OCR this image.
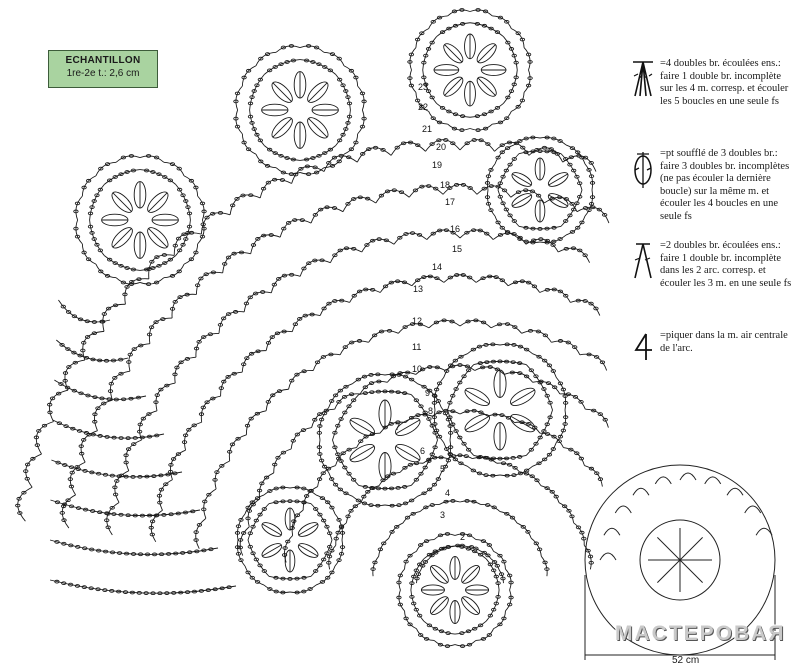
23
22
21
20
19
18
17
16
15
14
13
12
11
10
9
8
7
6
5
4
3
2
ECHANTILLON
1re-2e t.: 2,6 cm
=4 doubles br. écoulées ens.: faire 1 double br. incomplète sur les 4 m. corresp. et écouler les 5 boucles en une seule fs
=pt soufflé de 3 doubles br.: faire 3 doubles br. incomplètes (ne pas écouler la dernière boucle) sur la même m. et écouler les 4 boucles en une seule fs
=2 doubles br. écoulées ens.: faire 1 double br. incomplète dans les 2 arc. corresp. et écouler les 3 m. en une seule fs
=piquer dans la m. air centrale de l'arc.
52 cm
MACTEPOBAЯ
